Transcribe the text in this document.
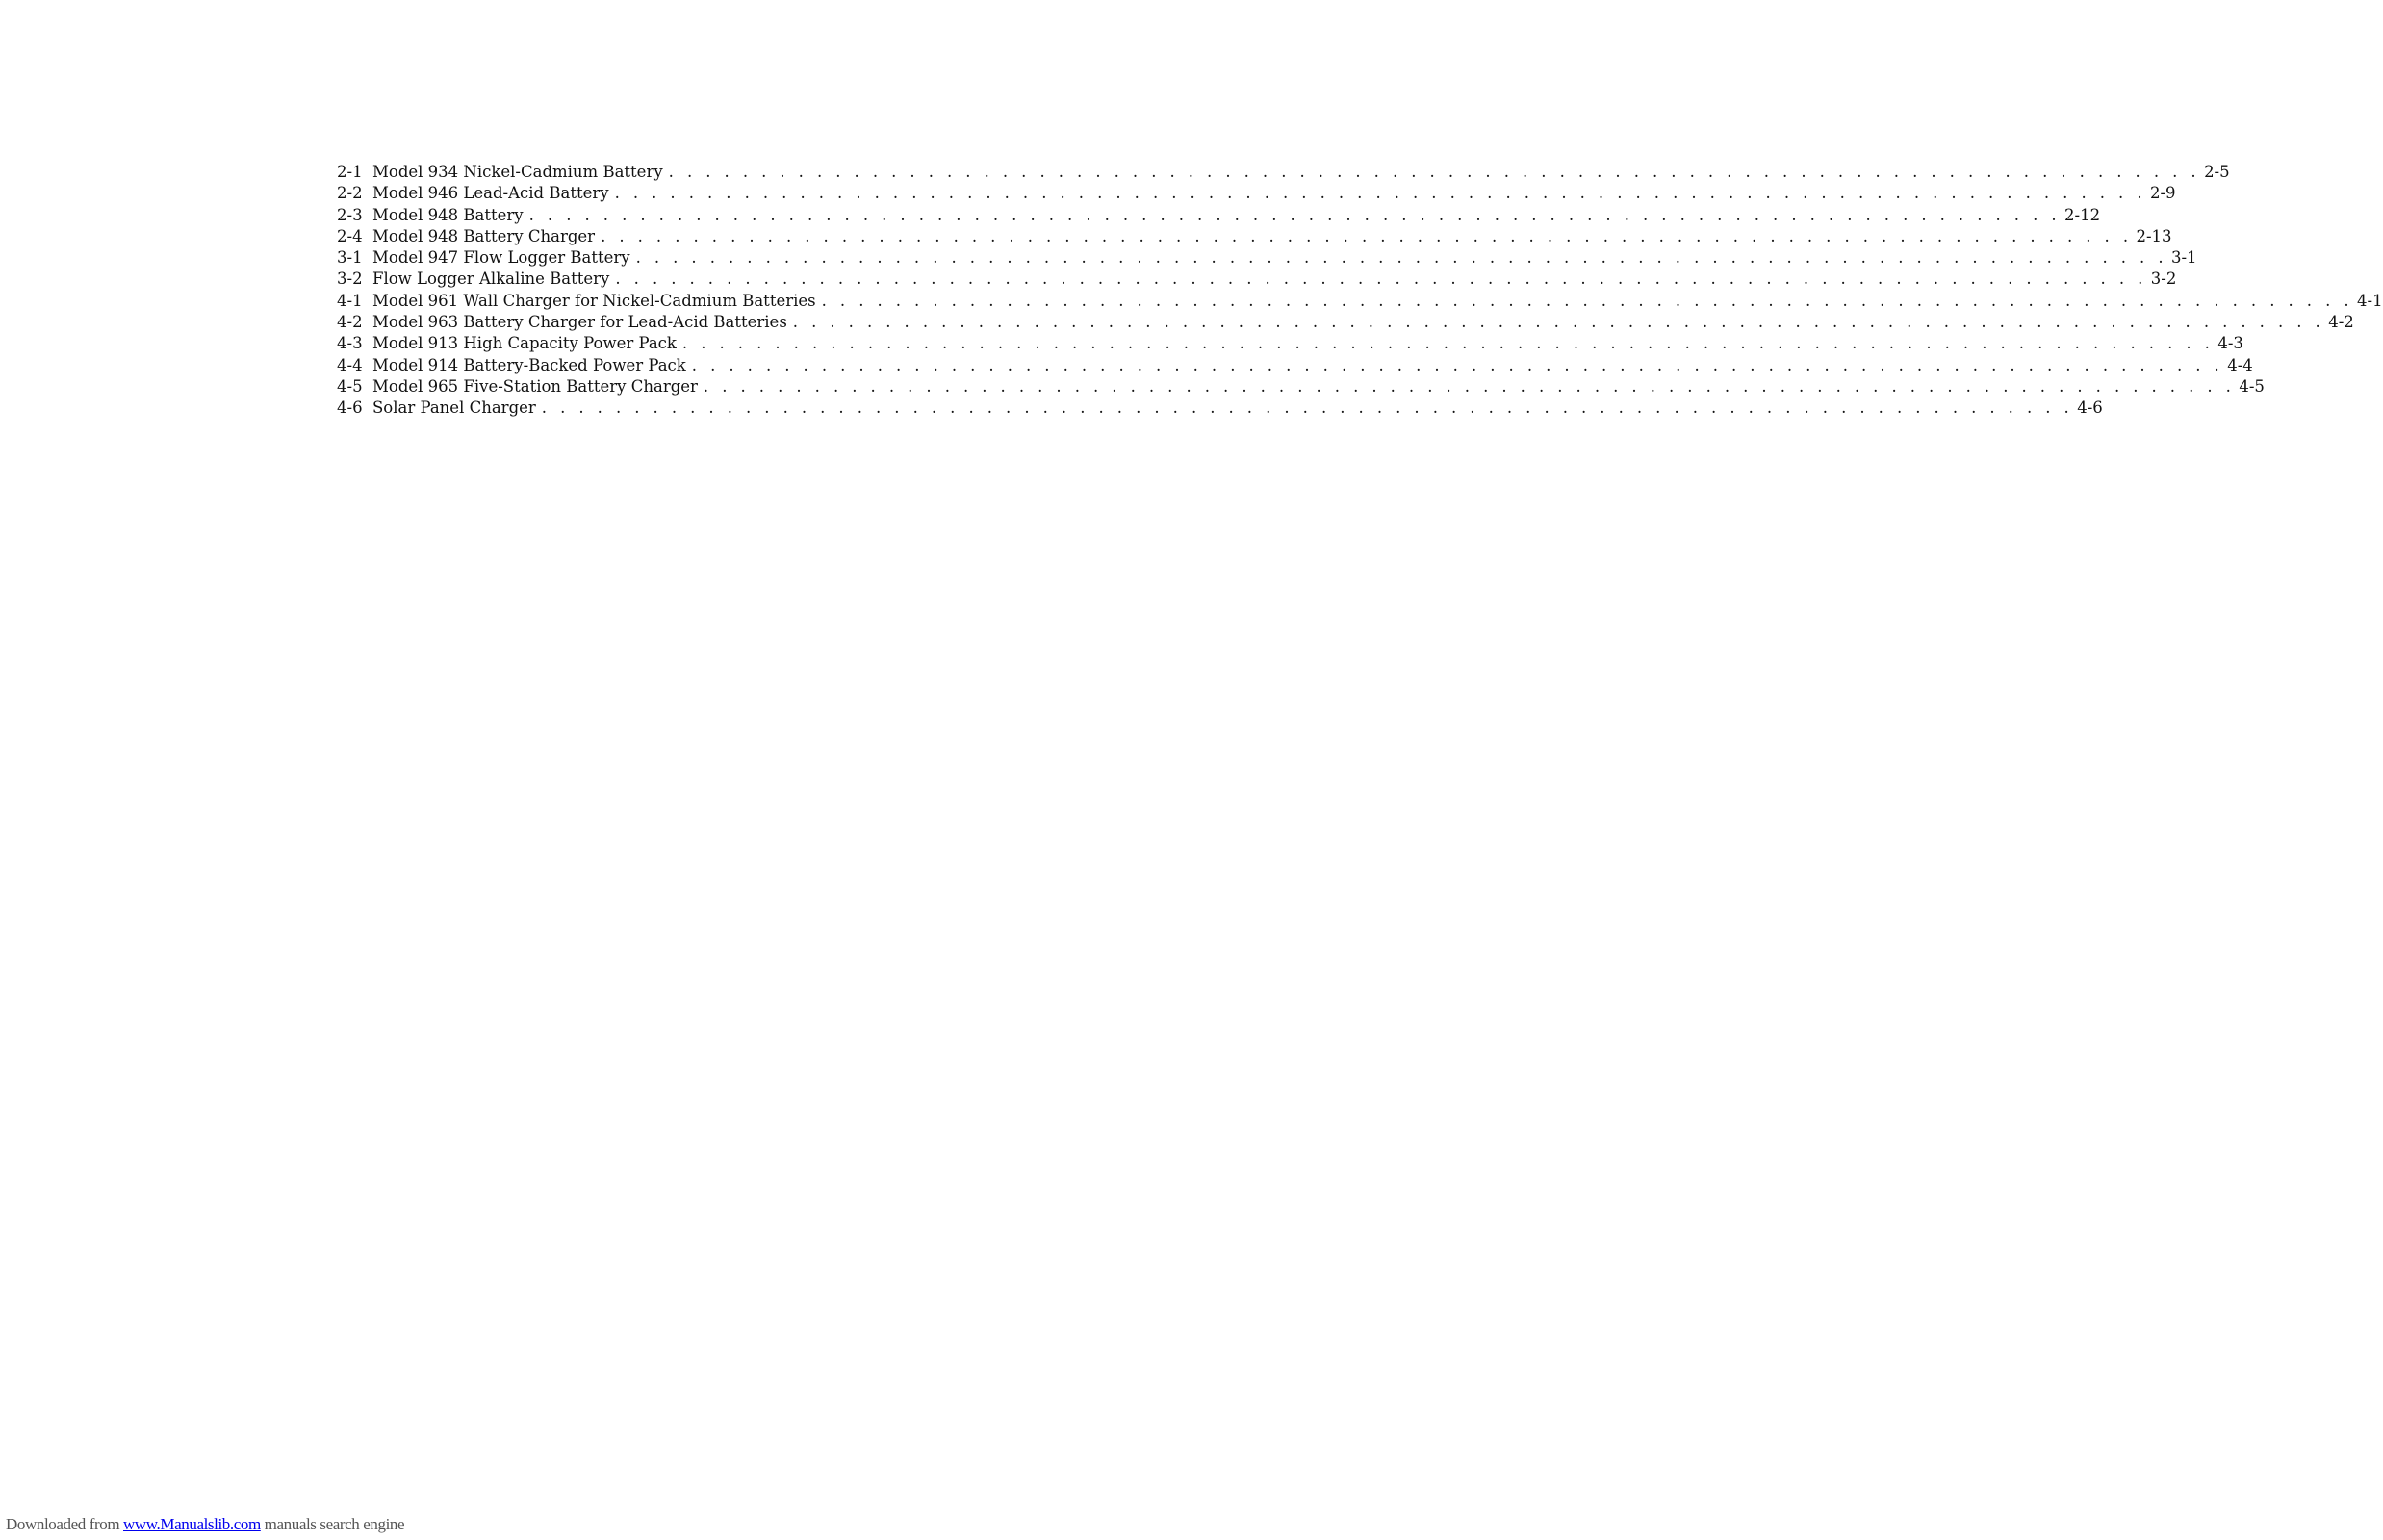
2-1 Model 934 Nickel-Cadmium Battery . . . . . . . . . . . . . . . . . . . . . . . . . . . . . . . . . . . . . . . . . . . . . . . . . . . . . . . . . . . . . . . . . . . . . . . . . . . . . . . . . . . 2-5
2-2 Model 946 Lead-Acid Battery . . . . . . . . . . . . . . . . . . . . . . . . . . . . . . . . . . . . . . . . . . . . . . . . . . . . . . . . . . . . . . . . . . . . . . . . . . . . . . . . . . . 2-9
2-3 Model 948 Battery . . . . . . . . . . . . . . . . . . . . . . . . . . . . . . . . . . . . . . . . . . . . . . . . . . . . . . . . . . . . . . . . . . . . . . . . . . . . . . . . . . . 2-12
2-4 Model 948 Battery Charger . . . . . . . . . . . . . . . . . . . . . . . . . . . . . . . . . . . . . . . . . . . . . . . . . . . . . . . . . . . . . . . . . . . . . . . . . . . . . . . . . . . 2-13
3-1 Model 947 Flow Logger Battery . . . . . . . . . . . . . . . . . . . . . . . . . . . . . . . . . . . . . . . . . . . . . . . . . . . . . . . . . . . . . . . . . . . . . . . . . . . . . . . . . . . 3-1
3-2 Flow Logger Alkaline Battery . . . . . . . . . . . . . . . . . . . . . . . . . . . . . . . . . . . . . . . . . . . . . . . . . . . . . . . . . . . . . . . . . . . . . . . . . . . . . . . . . . . 3-2
4-1 Model 961 Wall Charger for Nickel-Cadmium Batteries . . . . . . . . . . . . . . . . . . . . . . . . . . . . . . . . . . . . . . . . . . . . . . . . . . . . . . . . . . . . . . . . . . . . . . . . . . . . . . . . . . . 4-1
4-2 Model 963 Battery Charger for Lead-Acid Batteries . . . . . . . . . . . . . . . . . . . . . . . . . . . . . . . . . . . . . . . . . . . . . . . . . . . . . . . . . . . . . . . . . . . . . . . . . . . . . . . . . . . 4-2
4-3 Model 913 High Capacity Power Pack . . . . . . . . . . . . . . . . . . . . . . . . . . . . . . . . . . . . . . . . . . . . . . . . . . . . . . . . . . . . . . . . . . . . . . . . . . . . . . . . . . . 4-3
4-4 Model 914 Battery-Backed Power Pack . . . . . . . . . . . . . . . . . . . . . . . . . . . . . . . . . . . . . . . . . . . . . . . . . . . . . . . . . . . . . . . . . . . . . . . . . . . . . . . . . . . 4-4
4-5 Model 965 Five-Station Battery Charger . . . . . . . . . . . . . . . . . . . . . . . . . . . . . . . . . . . . . . . . . . . . . . . . . . . . . . . . . . . . . . . . . . . . . . . . . . . . . . . . . . . 4-5
4-6 Solar Panel Charger . . . . . . . . . . . . . . . . . . . . . . . . . . . . . . . . . . . . . . . . . . . . . . . . . . . . . . . . . . . . . . . . . . . . . . . . . . . . . . . . . . . 4-6
Downloaded from www.Manualslib.com manuals search engine
